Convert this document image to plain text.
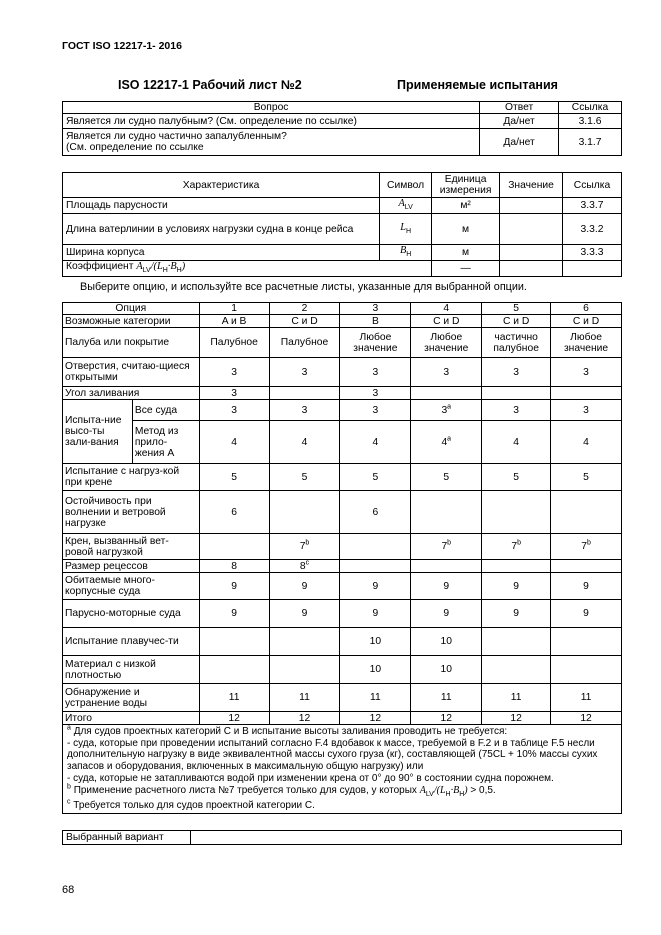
ГОСТ ISO 12217-1- 2016
ISO 12217-1 Рабочий лист №2	Применяемые испытания
Вопрос	Ответ	Ссылка
Является ли судно палубным? (См. определение по ссылке)	Да/нет	3.1.6
Является ли судно частично запалубленным?
(См. определение по ссылке	Да/нет	3.1.7
Характеристика	Символ	Единица измерения	Значение	Ссылка
Площадь парусности	$A_{LV}$	м²		3.3.7
Длина ватерлинии в условиях нагрузки судна в конце рейса	$L_H$	м		3.3.2
Ширина корпуса	$B_H$	м		3.3.3
Коэффициент $A_{LV}/(L_H\cdot B_H)$		—		
Выберите опцию, и используйте все расчетные листы, указанные для выбранной опции.
Опция		1	2	3	4	5	6
Возможные категории		A и B	C и D	B	C и D	C и D	C и D
Палуба или покрытие		Палубное	Палубное	Любое значение	Любое значение	частично палубное	Любое значение
Отверстия, считаю-щиеся открытыми		3	3	3	3	3	3
Угол заливания		3		3			
Испыта-ние высо-ты зали-вания	Все суда	3	3	3	3$^a$	3	3
	Метод из прило-жения A	4	4	4	4$^a$	4	4
Испытание с нагруз-кой при крене		5	5	5	5	5	5
Остойчивость при волнении и ветровой нагрузке		6		6			
Крен, вызванный вет-ровой нагрузкой			7$^b$		7$^b$	7$^b$	7$^b$
Размер рецессов		8	8$^c$				
Обитаемые много-корпусные суда		9	9	9	9	9	9
Парусно-моторные суда		9	9	9	9	9	9
Испытание плавучес-ти				10	10		
Материал с низкой плотностью				10	10		
Обнаружение и устранение воды		11	11	11	11	11	11
Итого		12	12	12	12	12	12
$^a$ Для судов проектных категорий C и B испытание высоты заливания проводить не требуется:
- суда, которые при проведении испытаний согласно F.4 вдобавок к массе, требуемой в F.2 и в таблице F.5 несли дополнительную нагрузку в виде эквивалентной массы сухого груза (кг), составляющей (75CL + 10% массы сухих запасов и оборудования, включенных в максимальную общую нагрузку) или
- суда, которые не затапливаются водой при изменении крена от 0° до 90° в состоянии судна порожнем.
$^b$ Применение расчетного листа №7 требуется только для судов, у которых $A_{LV}/(L_H\cdot B_H) > 0,5$.
$^c$ Требуется только для судов проектной категории C.
Выбранный вариант	
68
